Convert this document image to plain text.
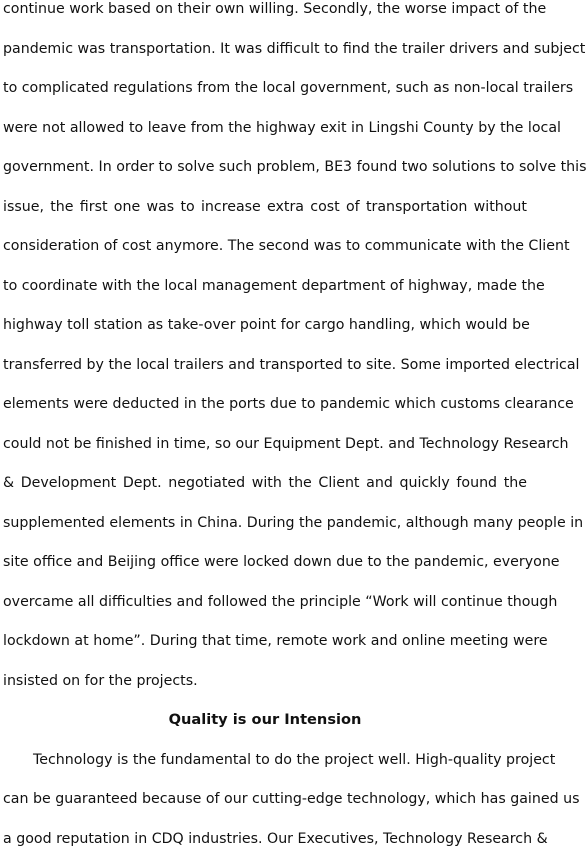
continue work based on their own willing. Secondly, the worse impact of the
pandemic was transportation. It was difficult to find the trailer drivers and subject
to complicated regulations from the local government, such as non-local trailers
were not allowed to leave from the highway exit in Lingshi County by the local
government. In order to solve such problem, BE3 found two solutions to solve this
issue, the first one was to increase extra cost of transportation without
consideration of cost anymore. The second was to communicate with the Client
to coordinate with the local management department of highway, made the
highway toll station as take-over point for cargo handling, which would be
transferred by the local trailers and transported to site. Some imported electrical
elements were deducted in the ports due to pandemic which customs clearance
could not be finished in time, so our Equipment Dept. and Technology Research
& Development Dept. negotiated with the Client and quickly found the
supplemented elements in China. During the pandemic, although many people in
site office and Beijing office were locked down due to the pandemic, everyone
overcame all difficulties and followed the principle “Work will continue though
lockdown at home”. During that time, remote work and online meeting were
insisted on for the projects.
Quality is our Intension
Technology is the fundamental to do the project well. High-quality project
can be guaranteed because of our cutting-edge technology, which has gained us
a good reputation in CDQ industries. Our Executives, Technology Research &
